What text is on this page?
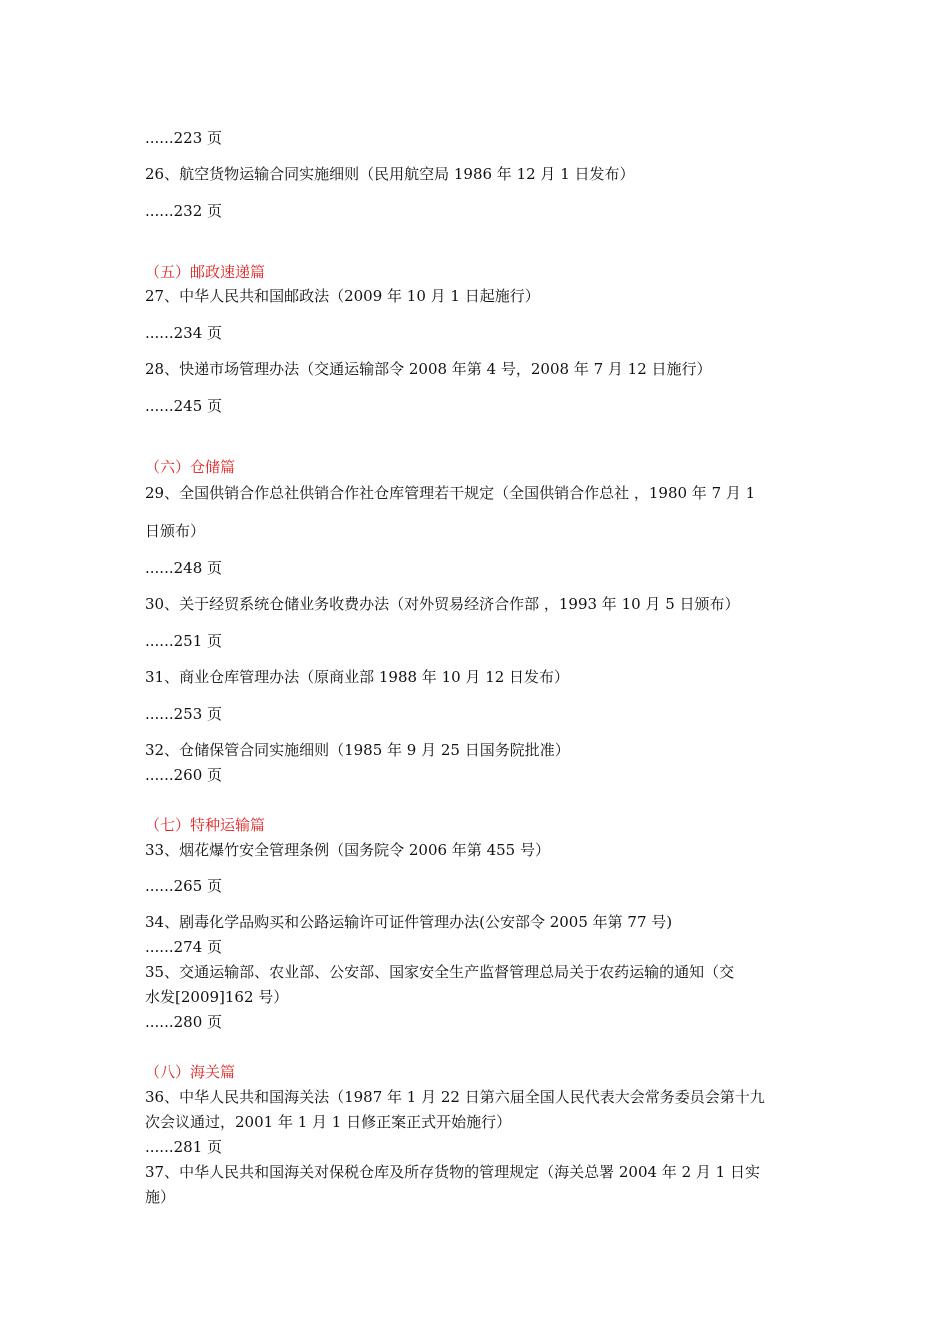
......223 页
26、航空货物运输合同实施细则（民用航空局 1986 年 12 月 1 日发布）
......232 页
（五）邮政速递篇
27、中华人民共和国邮政法（2009 年 10 月 1 日起施行）
......234 页
28、快递市场管理办法（交通运输部令 2008 年第 4 号，2008 年 7 月 12 日施行）
......245 页
（六）仓储篇
29、全国供销合作总社供销合作社仓库管理若干规定（全国供销合作总社 ，1980 年 7 月 1
日颁布）
......248 页
30、关于经贸系统仓储业务收费办法（对外贸易经济合作部 ，1993 年 10 月 5 日颁布）
......251 页
31、商业仓库管理办法（原商业部 1988 年 10 月 12 日发布）
......253 页
32、仓储保管合同实施细则（1985 年 9 月 25 日国务院批准）
......260 页
（七）特种运输篇
33、烟花爆竹安全管理条例（国务院令 2006 年第 455 号）
......265 页
34、剧毒化学品购买和公路运输许可证件管理办法(公安部令 2005 年第 77 号)
......274 页
35、交通运输部、农业部、公安部、国家安全生产监督管理总局关于农药运输的通知（交
水发[2009]162 号）
......280 页
（八）海关篇
36、中华人民共和国海关法（1987 年 1 月 22 日第六届全国人民代表大会常务委员会第十九
次会议通过，2001 年 1 月 1 日修正案正式开始施行）
......281 页
37、中华人民共和国海关对保税仓库及所存货物的管理规定（海关总署 2004 年 2 月 1 日实
施）
